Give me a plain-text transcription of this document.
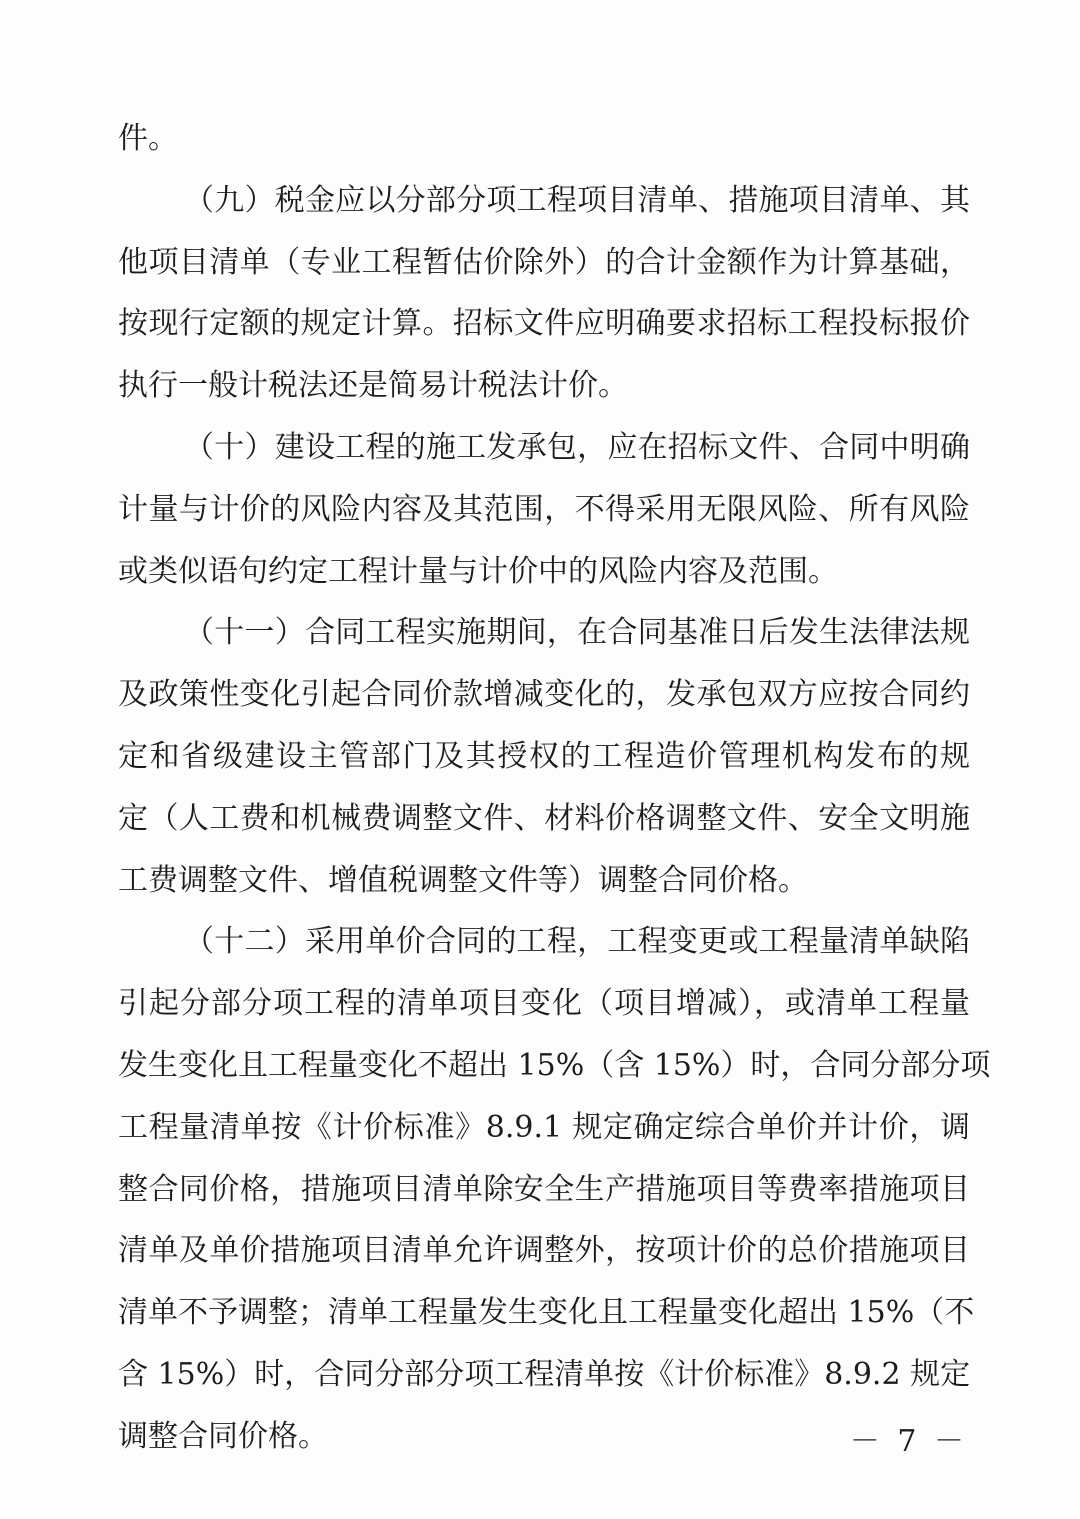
件。
（九）税金应以分部分项工程项目清单、措施项目清单、其
他项目清单（专业工程暂估价除外）的合计金额作为计算基础，
按现行定额的规定计算。招标文件应明确要求招标工程投标报价
执行一般计税法还是简易计税法计价。
（十）建设工程的施工发承包，应在招标文件、合同中明确
计量与计价的风险内容及其范围，不得采用无限风险、所有风险
或类似语句约定工程计量与计价中的风险内容及范围。
（十一）合同工程实施期间，在合同基准日后发生法律法规
及政策性变化引起合同价款增减变化的，发承包双方应按合同约
定和省级建设主管部门及其授权的工程造价管理机构发布的规
定（人工费和机械费调整文件、材料价格调整文件、安全文明施
工费调整文件、增值税调整文件等）调整合同价格。
（十二）采用单价合同的工程，工程变更或工程量清单缺陷
引起分部分项工程的清单项目变化（项目增减），或清单工程量
发生变化且工程量变化不超出 15%（含 15%）时，合同分部分项
工程量清单按《计价标准》8.9.1 规定确定综合单价并计价，调
整合同价格，措施项目清单除安全生产措施项目等费率措施项目
清单及单价措施项目清单允许调整外，按项计价的总价措施项目
清单不予调整；清单工程量发生变化且工程量变化超出 15%（不
含 15%）时，合同分部分项工程清单按《计价标准》8.9.2 规定
调整合同价格。	－ 7 －
